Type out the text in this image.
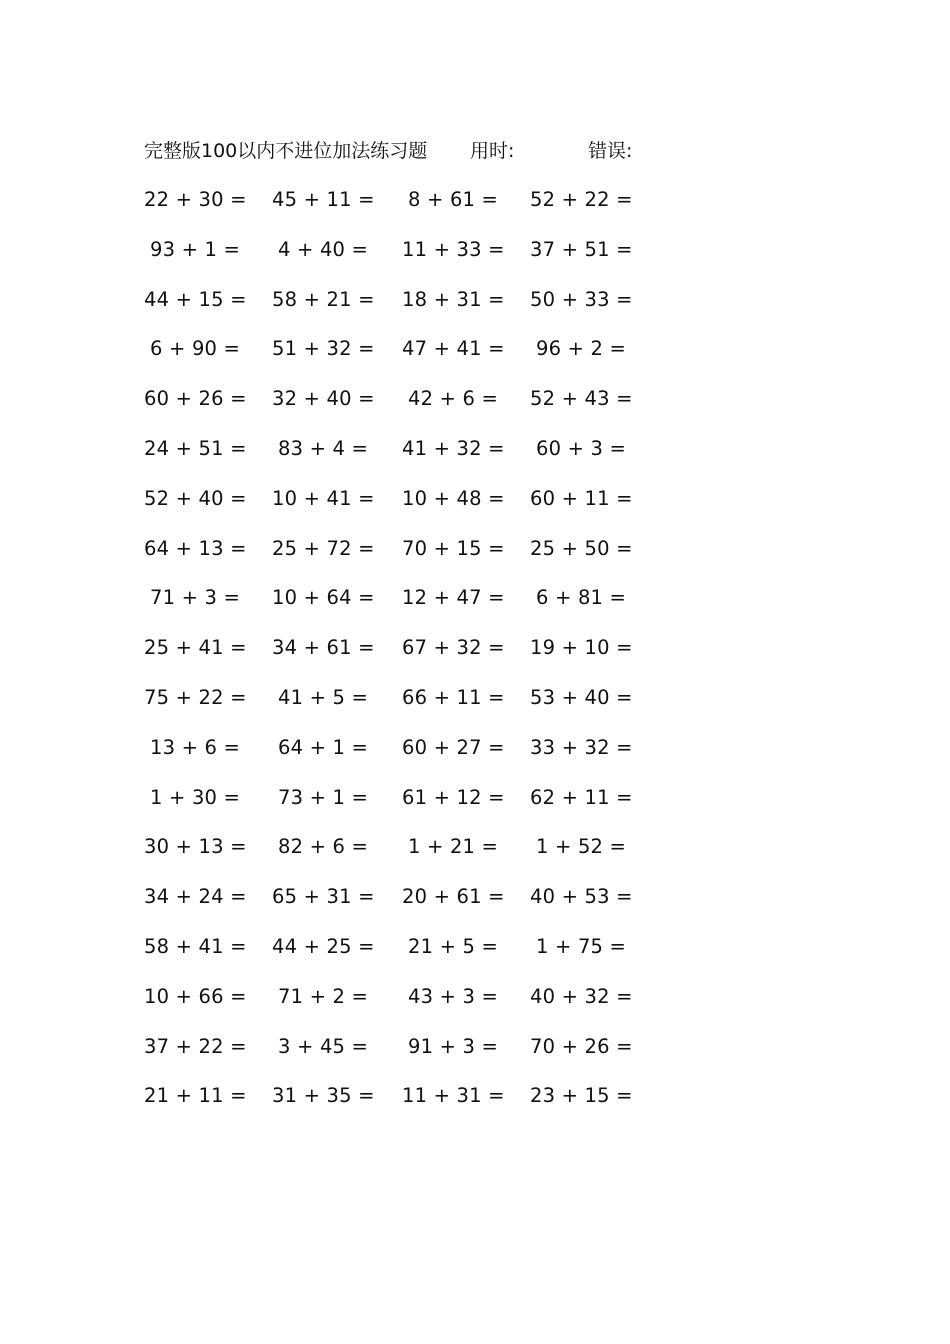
完整版100以内不进位加法练习题 用时:	错误:
22 + 30 = 45 + 11 = 8 + 61 = 52 + 22 =
93 + 1 = 4 + 40 = 11 + 33 = 37 + 51 =
44 + 15 = 58 + 21 = 18 + 31 = 50 + 33 =
6 + 90 = 51 + 32 = 47 + 41 = 96 + 2 =
60 + 26 = 32 + 40 = 42 + 6 = 52 + 43 =
24 + 51 = 83 + 4 = 41 + 32 = 60 + 3 =
52 + 40 = 10 + 41 = 10 + 48 = 60 + 11 =
64 + 13 = 25 + 72 = 70 + 15 = 25 + 50 =
71 + 3 = 10 + 64 = 12 + 47 = 6 + 81 =
25 + 41 = 34 + 61 = 67 + 32 = 19 + 10 =
75 + 22 = 41 + 5 = 66 + 11 = 53 + 40 =
13 + 6 = 64 + 1 = 60 + 27 = 33 + 32 =
1 + 30 = 73 + 1 = 61 + 12 = 62 + 11 =
30 + 13 = 82 + 6 = 1 + 21 = 1 + 52 =
34 + 24 = 65 + 31 = 20 + 61 = 40 + 53 =
58 + 41 = 44 + 25 = 21 + 5 = 1 + 75 =
10 + 66 = 71 + 2 = 43 + 3 = 40 + 32 =
37 + 22 = 3 + 45 = 91 + 3 = 70 + 26 =
21 + 11 = 31 + 35 = 11 + 31 = 23 + 15 =
